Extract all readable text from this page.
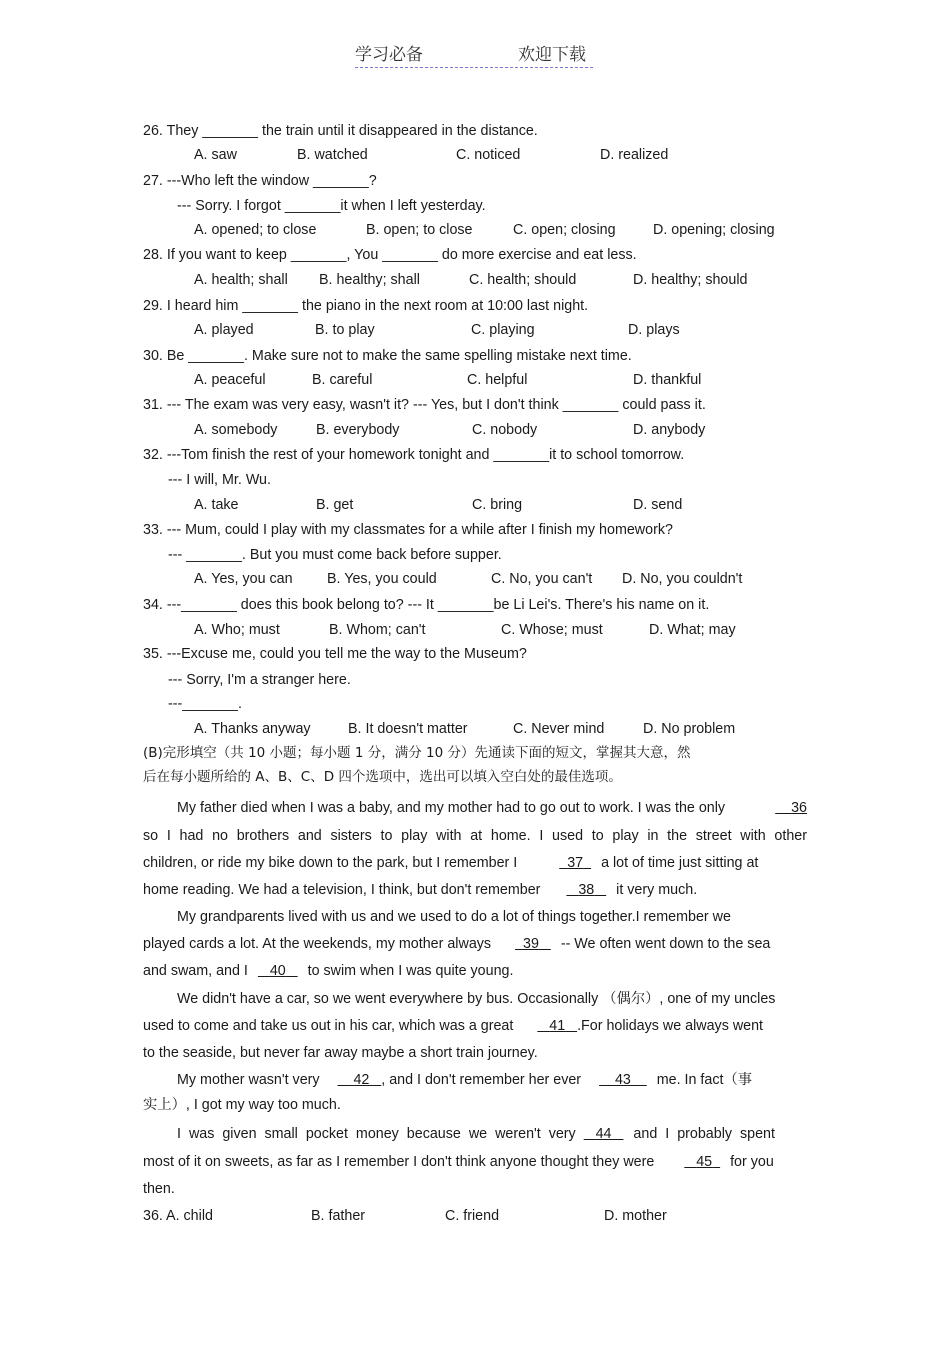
学习必备	欢迎下载
26. They _______ the train until it disappeared in the distance.
A. saw	B. watched	C. noticed	D. realized
27. ---Who left the window _______?
--- Sorry. I forgot _______it when I left yesterday.
A. opened; to close	B. open; to close	C. open; closing	D. opening; closing
28. If you want to keep _______, You _______ do more exercise and eat less.
A. health; shall B. healthy; shall	C. health; should	D. healthy; should
29. I heard him _______ the piano in the next room at 10:00 last night.
A. played	B. to play	C. playing	D. plays
30. Be _______. Make sure not to make the same spelling mistake next time.
A. peaceful	B. careful	C. helpful	D. thankful
31. --- The exam was very easy, wasn't it? --- Yes, but I don't think _______ could pass it.
A. somebody	B. everybody	C. nobody	D. anybody
32. ---Tom finish the rest of your homework tonight and _______it to school tomorrow.
--- I will, Mr. Wu.
A. take	B. get	C. bring	D. send
33. --- Mum, could I play with my classmates for a while after I finish my homework?
--- _______. But you must come back before supper.
A. Yes, you can B. Yes, you could	C. No, you can't D. No, you couldn't
34. ---_______ does this book belong to? --- It _______be Li Lei's. There's his name on it.
A. Who; must	B. Whom; can't	C. Whose; must	D. What; may
35. ---Excuse me, could you tell me the way to the Museum?
--- Sorry, I'm a stranger here.
---_______.
A. Thanks anyway	B. It doesn't matter	C. Never mind	D. No problem
(B)完形填空（共 10 小题；每小题 1 分，满分 10 分）先通读下面的短文，掌握其大意，然
后在每小题所给的 A、B、C、D 四个选项中，选出可以填入空白处的最佳选项。
My father died when I was a baby, and my mother had to go out to work. I was the only	36
so I had no brothers and sisters to play with at home. I used to play in the street with other
children, or ride my bike down to the park, but I remember I	37 a lot of time just sitting at
home reading. We had a television, I think, but don't remember	38 it very much.
My grandparents lived with us and we used to do a lot of things together.I remember we
played cards a lot. At the weekends, my mother always 39 -- We often went down to the sea
and swam, and I 40 to swim when I was quite young.
We didn't have a car, so we went everywhere by bus. Occasionally （偶尔）, one of my uncles
used to come and take us out in his car, which was a great	41 .For holidays we always went
to the seaside, but never far away maybe a short train journey.
My mother wasn't very 42 , and I don't remember her ever 43 me. In fact（事
实上）, I got my way too much.
I was given small pocket money because we weren't very 44 and I probably spent
most of it on sweets, as far as I remember I don't think anyone thought they were	45 for you
then.
36. A. child	B. father	C. friend	D. mother
